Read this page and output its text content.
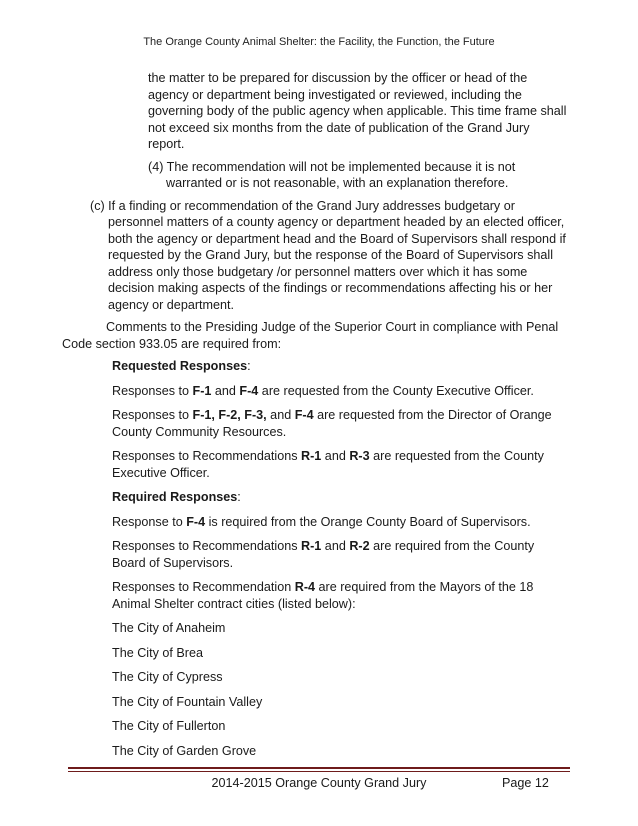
The Orange County Animal Shelter: the Facility, the Function, the Future

the matter to be prepared for discussion by the officer or head of the agency or department being investigated or reviewed, including the governing body of the public agency when applicable. This time frame shall not exceed six months from the date of publication of the Grand Jury report.

(4) The recommendation will not be implemented because it is not warranted or is not reasonable, with an explanation therefore.

(c) If a finding or recommendation of the Grand Jury addresses budgetary or personnel matters of a county agency or department headed by an elected officer, both the agency or department head and the Board of Supervisors shall respond if requested by the Grand Jury, but the response of the Board of Supervisors shall address only those budgetary /or personnel matters over which it has some decision making aspects of the findings or recommendations affecting his or her agency or department.

Comments to the Presiding Judge of the Superior Court in compliance with Penal Code section 933.05 are required from:

Requested Responses:

Responses to F-1 and F-4 are requested from the County Executive Officer.

Responses to F-1, F-2, F-3, and F-4 are requested from the Director of Orange County Community Resources.

Responses to Recommendations R-1 and R-3 are requested from the County Executive Officer.

Required Responses:

Response to F-4 is required from the Orange County Board of Supervisors.

Responses to Recommendations R-1 and R-2 are required from the County Board of Supervisors.

Responses to Recommendation R-4 are required from the Mayors of the 18 Animal Shelter contract cities (listed below):

The City of Anaheim

The City of Brea

The City of Cypress

The City of Fountain Valley

The City of Fullerton

The City of Garden Grove

2014-2015 Orange County Grand Jury	Page 12
